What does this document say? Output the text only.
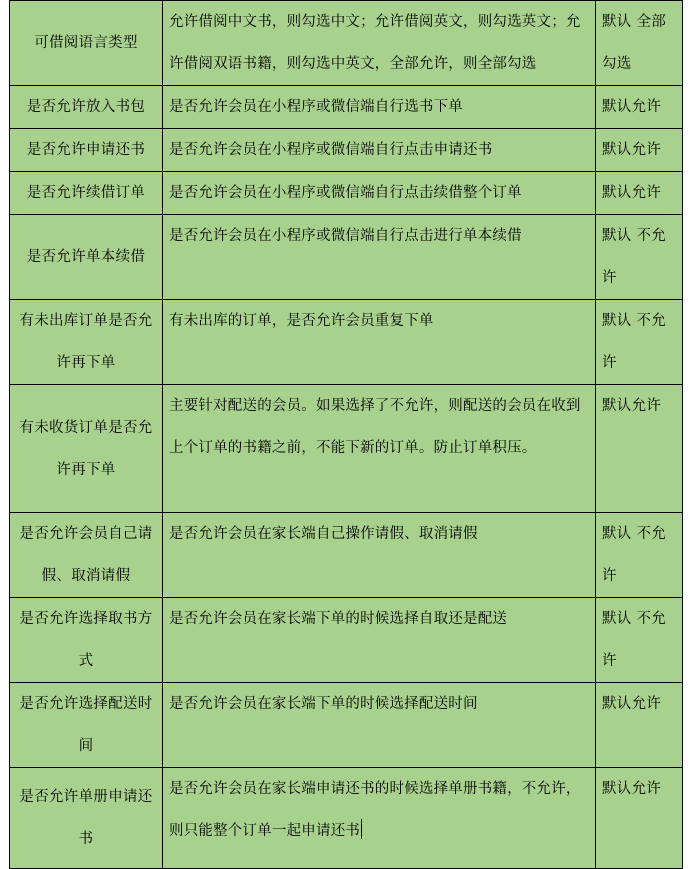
可借阅语言类型	允许借阅中文书，则勾选中文；允许借阅英文，则勾选英文；允许借阅双语书籍，则勾选中英文，全部允许，则全部勾选	默认 全部勾选
是否允许放入书包	是否允许会员在小程序或微信端自行选书下单	默认允许
是否允许申请还书	是否允许会员在小程序或微信端自行点击申请还书	默认允许
是否允许续借订单	是否允许会员在小程序或微信端自行点击续借整个订单	默认允许
是否允许单本续借	是否允许会员在小程序或微信端自行点击进行单本续借	默认 不允许
有未出库订单是否允许再下单	有未出库的订单，是否允许会员重复下单	默认 不允许
有未收货订单是否允许再下单	主要针对配送的会员。如果选择了不允许，则配送的会员在收到上个订单的书籍之前，不能下新的订单。防止订单积压。	默认允许
是否允许会员自己请假、取消请假	是否允许会员在家长端自己操作请假、取消请假	默认 不允许
是否允许选择取书方式	是否允许会员在家长端下单的时候选择自取还是配送	默认 不允许
是否允许选择配送时间	是否允许会员在家长端下单的时候选择配送时间	默认允许
是否允许单册申请还书	是否允许会员在家长端申请还书的时候选择单册书籍，不允许，则只能整个订单一起申请还书	默认允许
